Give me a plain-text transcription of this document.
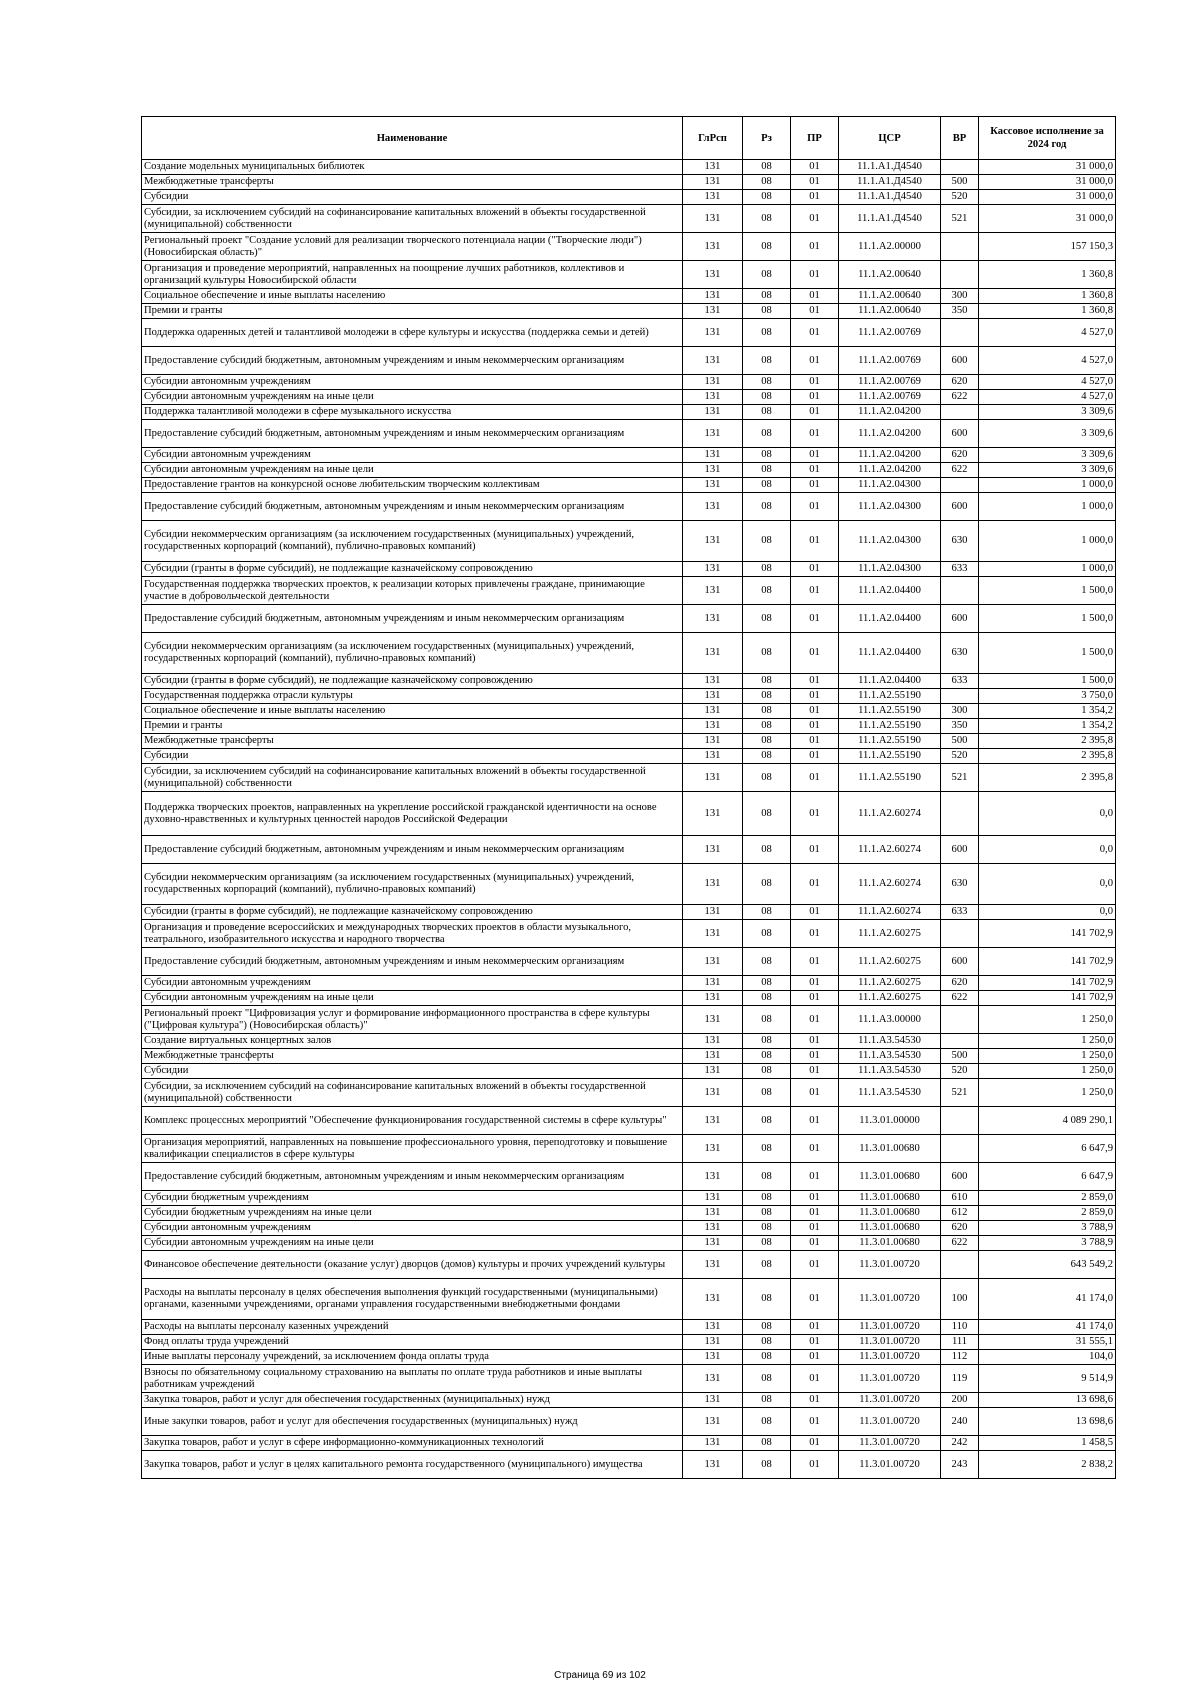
Наименование	ГлРсп	Рз	ПР	ЦСР	ВР	Кассовое исполнение за 2024 год
Создание модельных муниципальных библиотек	131	08	01	11.1.А1.Д4540		31 000,0
Межбюджетные трансферты	131	08	01	11.1.А1.Д4540	500	31 000,0
Субсидии	131	08	01	11.1.А1.Д4540	520	31 000,0
Субсидии, за исключением субсидий на софинансирование капитальных вложений в объекты государственной (муниципальной) собственности	131	08	01	11.1.А1.Д4540	521	31 000,0
Региональный проект "Создание условий для реализации творческого потенциала нации ("Творческие люди") (Новосибирская область)"	131	08	01	11.1.А2.00000		157 150,3
Организация и проведение мероприятий, направленных на поощрение лучших работников, коллективов и организаций культуры Новосибирской области	131	08	01	11.1.А2.00640		1 360,8
Социальное обеспечение и иные выплаты населению	131	08	01	11.1.А2.00640	300	1 360,8
Премии и гранты	131	08	01	11.1.А2.00640	350	1 360,8
Поддержка одаренных детей и талантливой молодежи в сфере культуры и искусства (поддержка семьи и детей)	131	08	01	11.1.А2.00769		4 527,0
Предоставление субсидий бюджетным, автономным учреждениям и иным некоммерческим организациям	131	08	01	11.1.А2.00769	600	4 527,0
Субсидии автономным учреждениям	131	08	01	11.1.А2.00769	620	4 527,0
Субсидии автономным учреждениям на иные цели	131	08	01	11.1.А2.00769	622	4 527,0
Поддержка талантливой молодежи в сфере музыкального искусства	131	08	01	11.1.А2.04200		3 309,6
Предоставление субсидий бюджетным, автономным учреждениям и иным некоммерческим организациям	131	08	01	11.1.А2.04200	600	3 309,6
Субсидии автономным учреждениям	131	08	01	11.1.А2.04200	620	3 309,6
Субсидии автономным учреждениям на иные цели	131	08	01	11.1.А2.04200	622	3 309,6
Предоставление грантов на конкурсной основе любительским творческим коллективам	131	08	01	11.1.А2.04300		1 000,0
Предоставление субсидий бюджетным, автономным учреждениям и иным некоммерческим организациям	131	08	01	11.1.А2.04300	600	1 000,0
Субсидии некоммерческим организациям (за исключением государственных (муниципальных) учреждений, государственных корпораций (компаний), публично-правовых компаний)	131	08	01	11.1.А2.04300	630	1 000,0
Субсидии (гранты в форме субсидий), не подлежащие казначейскому сопровождению	131	08	01	11.1.А2.04300	633	1 000,0
Государственная поддержка творческих проектов, к реализации которых привлечены граждане, принимающие участие в добровольческой деятельности	131	08	01	11.1.А2.04400		1 500,0
Предоставление субсидий бюджетным, автономным учреждениям и иным некоммерческим организациям	131	08	01	11.1.А2.04400	600	1 500,0
Субсидии некоммерческим организациям (за исключением государственных (муниципальных) учреждений, государственных корпораций (компаний), публично-правовых компаний)	131	08	01	11.1.А2.04400	630	1 500,0
Субсидии (гранты в форме субсидий), не подлежащие казначейскому сопровождению	131	08	01	11.1.А2.04400	633	1 500,0
Государственная поддержка отрасли культуры	131	08	01	11.1.А2.55190		3 750,0
Социальное обеспечение и иные выплаты населению	131	08	01	11.1.А2.55190	300	1 354,2
Премии и гранты	131	08	01	11.1.А2.55190	350	1 354,2
Межбюджетные трансферты	131	08	01	11.1.А2.55190	500	2 395,8
Субсидии	131	08	01	11.1.А2.55190	520	2 395,8
Субсидии, за исключением субсидий на софинансирование капитальных вложений в объекты государственной (муниципальной) собственности	131	08	01	11.1.А2.55190	521	2 395,8
Поддержка творческих проектов, направленных на укрепление российской гражданской идентичности на основе духовно-нравственных и культурных ценностей народов Российской Федерации	131	08	01	11.1.А2.60274		0,0
Предоставление субсидий бюджетным, автономным учреждениям и иным некоммерческим организациям	131	08	01	11.1.А2.60274	600	0,0
Субсидии некоммерческим организациям (за исключением государственных (муниципальных) учреждений, государственных корпораций (компаний), публично-правовых компаний)	131	08	01	11.1.А2.60274	630	0,0
Субсидии (гранты в форме субсидий), не подлежащие казначейскому сопровождению	131	08	01	11.1.А2.60274	633	0,0
Организация и проведение всероссийских и международных творческих проектов в области музыкального, театрального, изобразительного искусства и народного творчества	131	08	01	11.1.А2.60275		141 702,9
Предоставление субсидий бюджетным, автономным учреждениям и иным некоммерческим организациям	131	08	01	11.1.А2.60275	600	141 702,9
Субсидии автономным учреждениям	131	08	01	11.1.А2.60275	620	141 702,9
Субсидии автономным учреждениям на иные цели	131	08	01	11.1.А2.60275	622	141 702,9
Региональный проект "Цифровизация услуг и формирование информационного пространства в сфере культуры ("Цифровая культура") (Новосибирская область)"	131	08	01	11.1.А3.00000		1 250,0
Создание виртуальных концертных залов	131	08	01	11.1.А3.54530		1 250,0
Межбюджетные трансферты	131	08	01	11.1.А3.54530	500	1 250,0
Субсидии	131	08	01	11.1.А3.54530	520	1 250,0
Субсидии, за исключением субсидий на софинансирование капитальных вложений в объекты государственной (муниципальной) собственности	131	08	01	11.1.А3.54530	521	1 250,0
Комплекс процессных мероприятий "Обеспечение функционирования государственной системы в сфере культуры"	131	08	01	11.3.01.00000		4 089 290,1
Организация мероприятий, направленных на повышение профессионального уровня, переподготовку и повышение квалификации специалистов в сфере культуры	131	08	01	11.3.01.00680		6 647,9
Предоставление субсидий бюджетным, автономным учреждениям и иным некоммерческим организациям	131	08	01	11.3.01.00680	600	6 647,9
Субсидии бюджетным учреждениям	131	08	01	11.3.01.00680	610	2 859,0
Субсидии бюджетным учреждениям на иные цели	131	08	01	11.3.01.00680	612	2 859,0
Субсидии автономным учреждениям	131	08	01	11.3.01.00680	620	3 788,9
Субсидии автономным учреждениям на иные цели	131	08	01	11.3.01.00680	622	3 788,9
Финансовое обеспечение деятельности (оказание услуг) дворцов (домов) культуры и прочих учреждений культуры	131	08	01	11.3.01.00720		643 549,2
Расходы на выплаты персоналу в целях обеспечения выполнения функций государственными (муниципальными) органами, казенными учреждениями, органами управления государственными внебюджетными фондами	131	08	01	11.3.01.00720	100	41 174,0
Расходы на выплаты персоналу казенных учреждений	131	08	01	11.3.01.00720	110	41 174,0
Фонд оплаты труда учреждений	131	08	01	11.3.01.00720	111	31 555,1
Иные выплаты персоналу учреждений, за исключением фонда оплаты труда	131	08	01	11.3.01.00720	112	104,0
Взносы по обязательному социальному страхованию на выплаты по оплате труда работников и иные выплаты работникам учреждений	131	08	01	11.3.01.00720	119	9 514,9
Закупка товаров, работ и услуг для обеспечения государственных (муниципальных) нужд	131	08	01	11.3.01.00720	200	13 698,6
Иные закупки товаров, работ и услуг для обеспечения государственных (муниципальных) нужд	131	08	01	11.3.01.00720	240	13 698,6
Закупка товаров, работ и услуг в сфере информационно-коммуникационных технологий	131	08	01	11.3.01.00720	242	1 458,5
Закупка товаров, работ и услуг в целях капитального ремонта государственного (муниципального) имущества	131	08	01	11.3.01.00720	243	2 838,2
Страница 69 из 102
